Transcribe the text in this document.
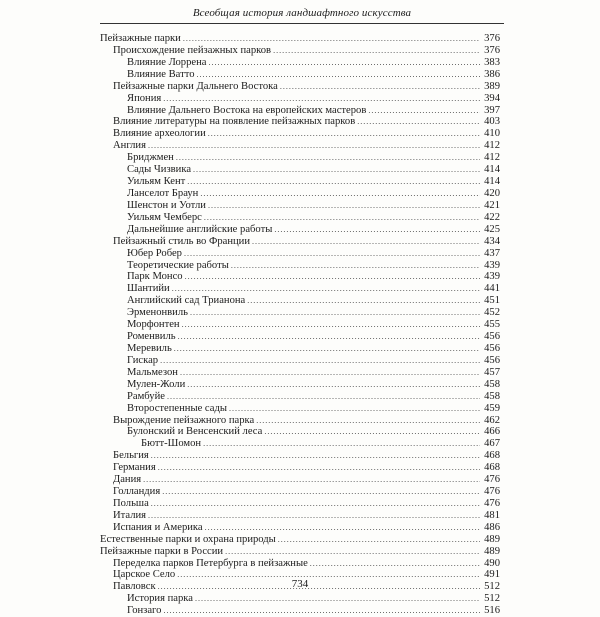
Всеобщая история ландшафтного искусства
Пейзажные парки .....	376
Происхождение пейзажных парков .....	376
Влияние Лоррена .....	383
Влияние Ватто .....	386
Пейзажные парки Дальнего Востока .....	389
Япония .....	394
Влияние Дальнего Востока на европейских мастеров .....	397
Влияние литературы на появление пейзажных парков .....	403
Влияние археологии .....	410
Англия .....	412
Бриджмен .....	412
Сады Чизвика .....	414
Уильям Кент .....	414
Ланселот Браун .....	420
Шенстон и Уотли .....	421
Уильям Чемберс .....	422
Дальнейшие английские работы .....	425
Пейзажный стиль во Франции .....	434
Юбер Робер .....	437
Теоретические работы .....	439
Парк Монсо .....	439
Шантийи .....	441
Английский сад Трианона .....	451
Эрменонвиль .....	452
Морфонтен .....	455
Роменвиль .....	456
Меревиль .....	456
Гискар .....	456
Мальмезон .....	457
Мулен-Жоли .....	458
Рамбуйе .....	458
Второстепенные сады .....	459
Вырождение пейзажного парка .....	462
Булонский и Венсенский леса .....	466
Бютт-Шомон .....	467
Бельгия .....	468
Германия .....	468
Дания .....	476
Голландия .....	476
Польша .....	476
Италия .....	481
Испания и Америка .....	486
Естественные парки и охрана природы .....	489
Пейзажные парки в России .....	489
Переделка парков Петербурга в пейзажные .....	490
Царское Село .....	491
Павловск .....	512
История парка .....	512
Гонзаго .....	516
734
